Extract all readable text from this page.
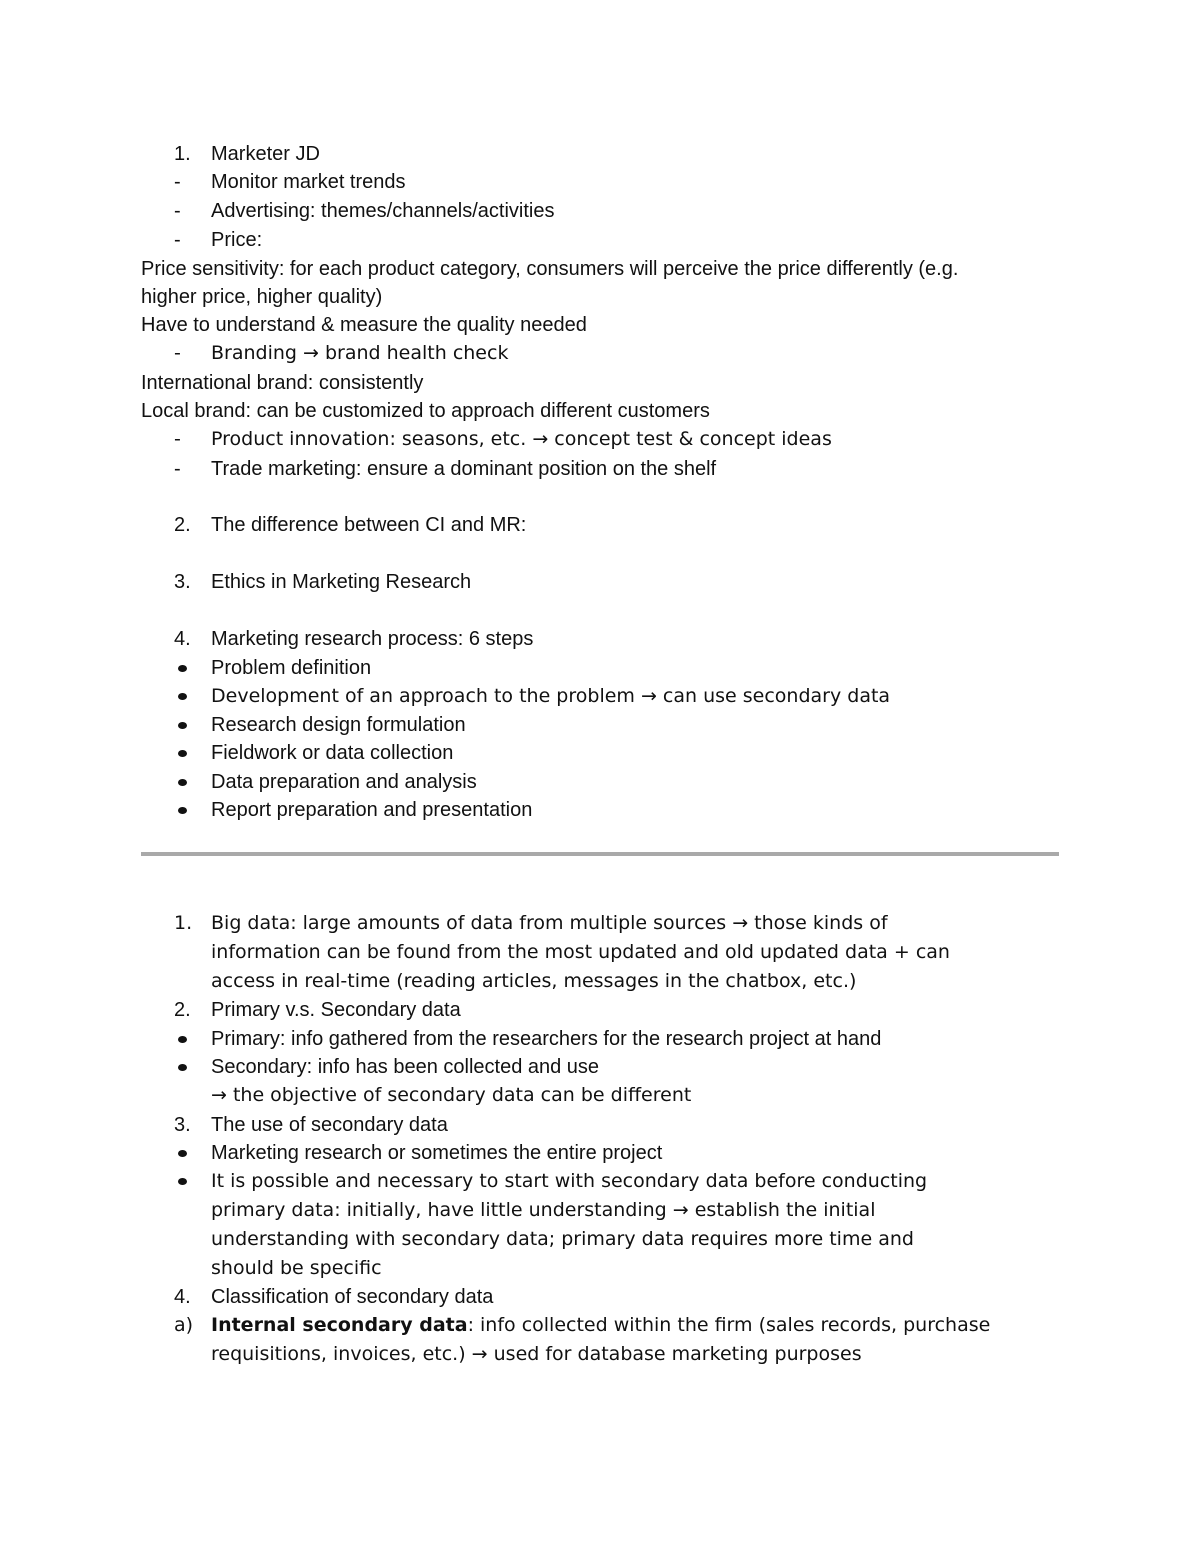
1. Marketer JD
- Monitor market trends
- Advertising: themes/channels/activities
- Price:
Price sensitivity: for each product category, consumers will perceive the price differently (e.g.
higher price, higher quality)
Have to understand & measure the quality needed
- Branding → brand health check
International brand: consistently
Local brand: can be customized to approach different customers
- Product innovation: seasons, etc. → concept test & concept ideas
- Trade marketing: ensure a dominant position on the shelf
2. The difference between CI and MR:
3. Ethics in Marketing Research
4. Marketing research process: 6 steps
Problem definition
Development of an approach to the problem → can use secondary data
Research design formulation
Fieldwork or data collection
Data preparation and analysis
Report preparation and presentation
1. Big data: large amounts of data from multiple sources → those kinds of
information can be found from the most updated and old updated data + can
access in real-time (reading articles, messages in the chatbox, etc.)
2. Primary v.s. Secondary data
Primary: info gathered from the researchers for the research project at hand
Secondary: info has been collected and use
→ the objective of secondary data can be different
3. The use of secondary data
Marketing research or sometimes the entire project
It is possible and necessary to start with secondary data before conducting
primary data: initially, have little understanding → establish the initial
understanding with secondary data; primary data requires more time and
should be specific
4. Classification of secondary data
a) Internal secondary data: info collected within the firm (sales records, purchase
requisitions, invoices, etc.) → used for database marketing purposes
